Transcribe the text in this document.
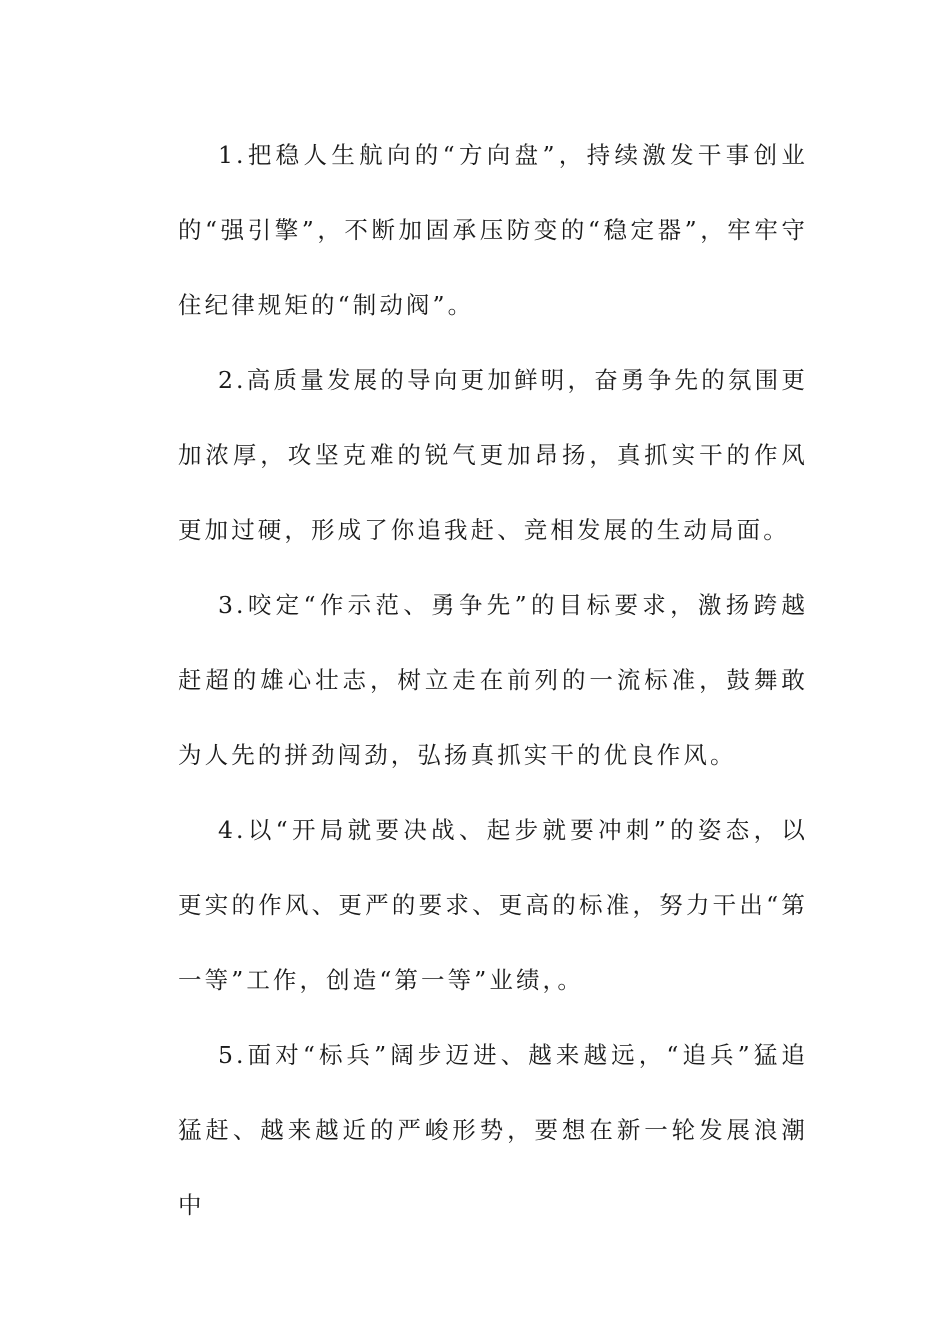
1.把稳人生航向的“方向盘”，持续激发干事创业的“强引擎”，不断加固承压防变的“稳定器”，牢牢守住纪律规矩的“制动阀”。

2.高质量发展的导向更加鲜明，奋勇争先的氛围更加浓厚，攻坚克难的锐气更加昂扬，真抓实干的作风更加过硬，形成了你追我赶、竞相发展的生动局面。

3.咬定“作示范、勇争先”的目标要求，激扬跨越赶超的雄心壮志，树立走在前列的一流标准，鼓舞敢为人先的拼劲闯劲，弘扬真抓实干的优良作风。

4.以“开局就要决战、起步就要冲刺”的姿态，以更实的作风、更严的要求、更高的标准，努力干出“第一等”工作，创造“第一等”业绩，。

5.面对“标兵”阔步迈进、越来越远，“追兵”猛追猛赶、越来越近的严峻形势，要想在新一轮发展浪潮中
